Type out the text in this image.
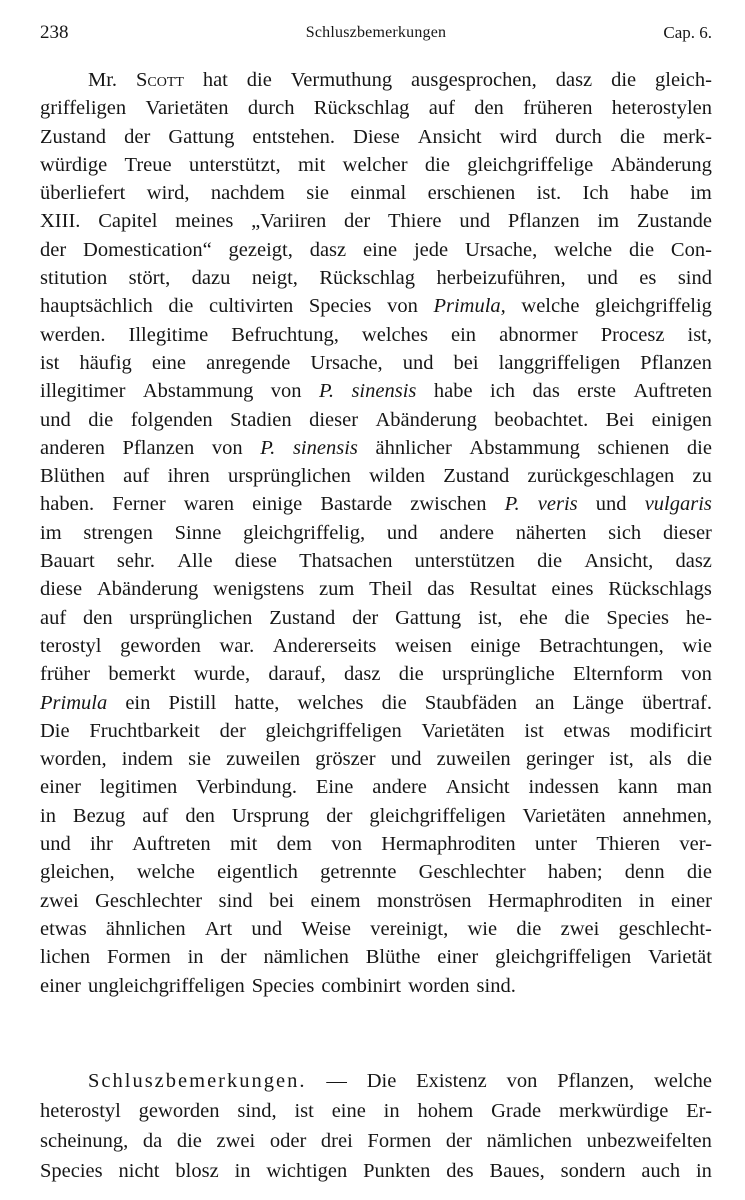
238	Schluszbemerkungen	Cap. 6.
Mr. Scott hat die Vermuthung ausgesprochen, dasz die gleich-
griffeligen Varietäten durch Rückschlag auf den früheren heterostylen
Zustand der Gattung entstehen. Diese Ansicht wird durch die merk-
würdige Treue unterstützt, mit welcher die gleichgriffelige Abänderung
überliefert wird, nachdem sie einmal erschienen ist. Ich habe im
XIII. Capitel meines „Variiren der Thiere und Pflanzen im Zustande
der Domestication“ gezeigt, dasz eine jede Ursache, welche die Con-
stitution stört, dazu neigt, Rückschlag herbeizuführen, und es sind
hauptsächlich die cultivirten Species von Primula, welche gleichgriffelig
werden. Illegitime Befruchtung, welches ein abnormer Procesz ist,
ist häufig eine anregende Ursache, und bei langgriffeligen Pflanzen
illegitimer Abstammung von P. sinensis habe ich das erste Auftreten
und die folgenden Stadien dieser Abänderung beobachtet. Bei einigen
anderen Pflanzen von P. sinensis ähnlicher Abstammung schienen die
Blüthen auf ihren ursprünglichen wilden Zustand zurückgeschlagen zu
haben. Ferner waren einige Bastarde zwischen P. veris und vulgaris
im strengen Sinne gleichgriffelig, und andere näherten sich dieser
Bauart sehr. Alle diese Thatsachen unterstützen die Ansicht, dasz
diese Abänderung wenigstens zum Theil das Resultat eines Rückschlags
auf den ursprünglichen Zustand der Gattung ist, ehe die Species he-
terostyl geworden war. Andererseits weisen einige Betrachtungen, wie
früher bemerkt wurde, darauf, dasz die ursprüngliche Elternform von
Primula ein Pistill hatte, welches die Staubfäden an Länge übertraf.
Die Fruchtbarkeit der gleichgriffeligen Varietäten ist etwas modificirt
worden, indem sie zuweilen gröszer und zuweilen geringer ist, als die
einer legitimen Verbindung. Eine andere Ansicht indessen kann man
in Bezug auf den Ursprung der gleichgriffeligen Varietäten annehmen,
und ihr Auftreten mit dem von Hermaphroditen unter Thieren ver-
gleichen, welche eigentlich getrennte Geschlechter haben; denn die
zwei Geschlechter sind bei einem monströsen Hermaphroditen in einer
etwas ähnlichen Art und Weise vereinigt, wie die zwei geschlecht-
lichen Formen in der nämlichen Blüthe einer gleichgriffeligen Varietät
einer ungleichgriffeligen Species combinirt worden sind.
Schluszbemerkungen. — Die Existenz von Pflanzen, welche
heterostyl geworden sind, ist eine in hohem Grade merkwürdige Er-
scheinung, da die zwei oder drei Formen der nämlichen unbezweifelten
Species nicht blosz in wichtigen Punkten des Baues, sondern auch in
